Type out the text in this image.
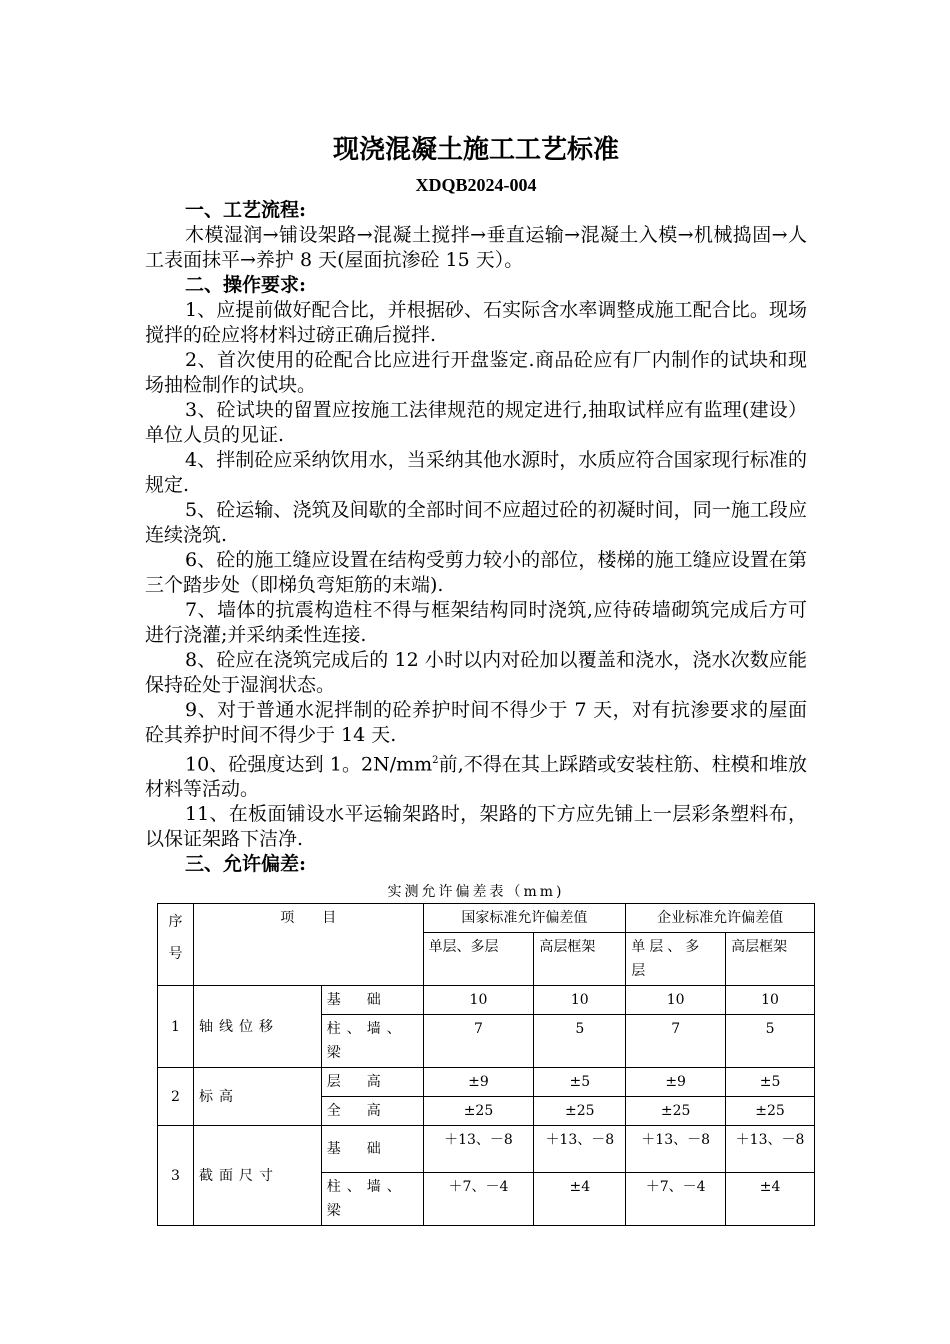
现浇混凝土施工工艺标准
XDQB2024-004
一、工艺流程:
木模湿润→铺设架路→混凝土搅拌→垂直运输→混凝土入模→机械捣固→人工表面抹平→养护 8 天(屋面抗渗砼 15 天）。
二、操作要求:
1、应提前做好配合比，并根据砂、石实际含水率调整成施工配合比。现场搅拌的砼应将材料过磅正确后搅拌.
2、首次使用的砼配合比应进行开盘鉴定.商品砼应有厂内制作的试块和现场抽检制作的试块。
3、砼试块的留置应按施工法律规范的规定进行,抽取试样应有监理(建设）单位人员的见证.
4、拌制砼应采纳饮用水，当采纳其他水源时，水质应符合国家现行标准的规定.
5、砼运输、浇筑及间歇的全部时间不应超过砼的初凝时间，同一施工段应连续浇筑.
6、砼的施工缝应设置在结构受剪力较小的部位，楼梯的施工缝应设置在第三个踏步处（即梯负弯矩筋的末端).
7、墙体的抗震构造柱不得与框架结构同时浇筑,应待砖墙砌筑完成后方可进行浇灌;并采纳柔性连接.
8、砼应在浇筑完成后的 12 小时以内对砼加以覆盖和浇水，浇水次数应能保持砼处于湿润状态。
9、对于普通水泥拌制的砼养护时间不得少于 7 天，对有抗渗要求的屋面砼其养护时间不得少于 14 天.
10、砼强度达到 1。$2N/mm^2$前,不得在其上踩踏或安装柱筋、柱模和堆放材料等活动。
11、在板面铺设水平运输架路时，架路的下方应先铺上一层彩条塑料布，以保证架路下洁净.
三、允许偏差:
实测允许偏差表（mm)
序号	项　　目		国家标准允许偏差值		企业标准允许偏差值	
			单层、多层	高层框架	单层、多层	高层框架
1	轴线位移	基　础	10	10	10	10
		柱、墙、梁	7	5	7	5
2	标高	层　高	±9	±5	±9	±5
		全　高	±25	±25	±25	±25
3	截面尺寸	基　础	＋13、－8	＋13、－8	＋13、－8	＋13、－8
		柱、墙、梁	＋7、－4	±4	＋7、－4	±4
